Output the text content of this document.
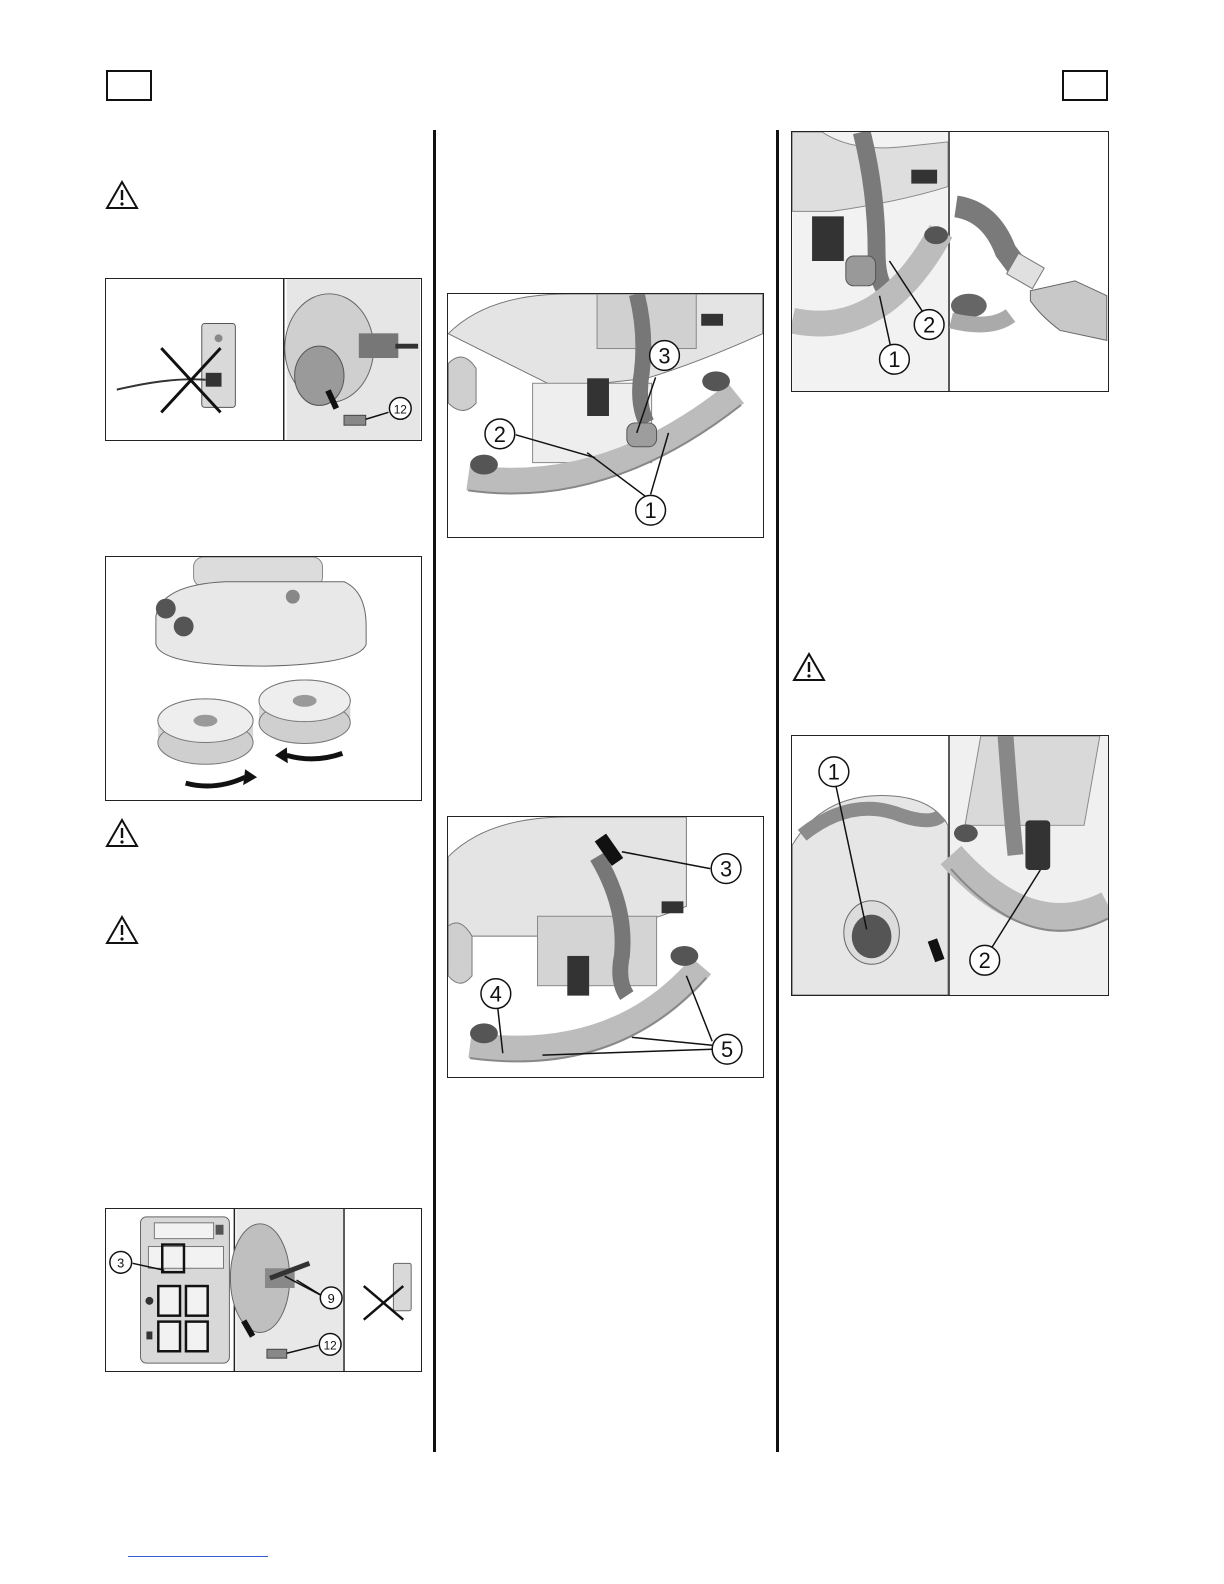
12
3
9
12
3
2
1
3
4
5
1
2
1
2
